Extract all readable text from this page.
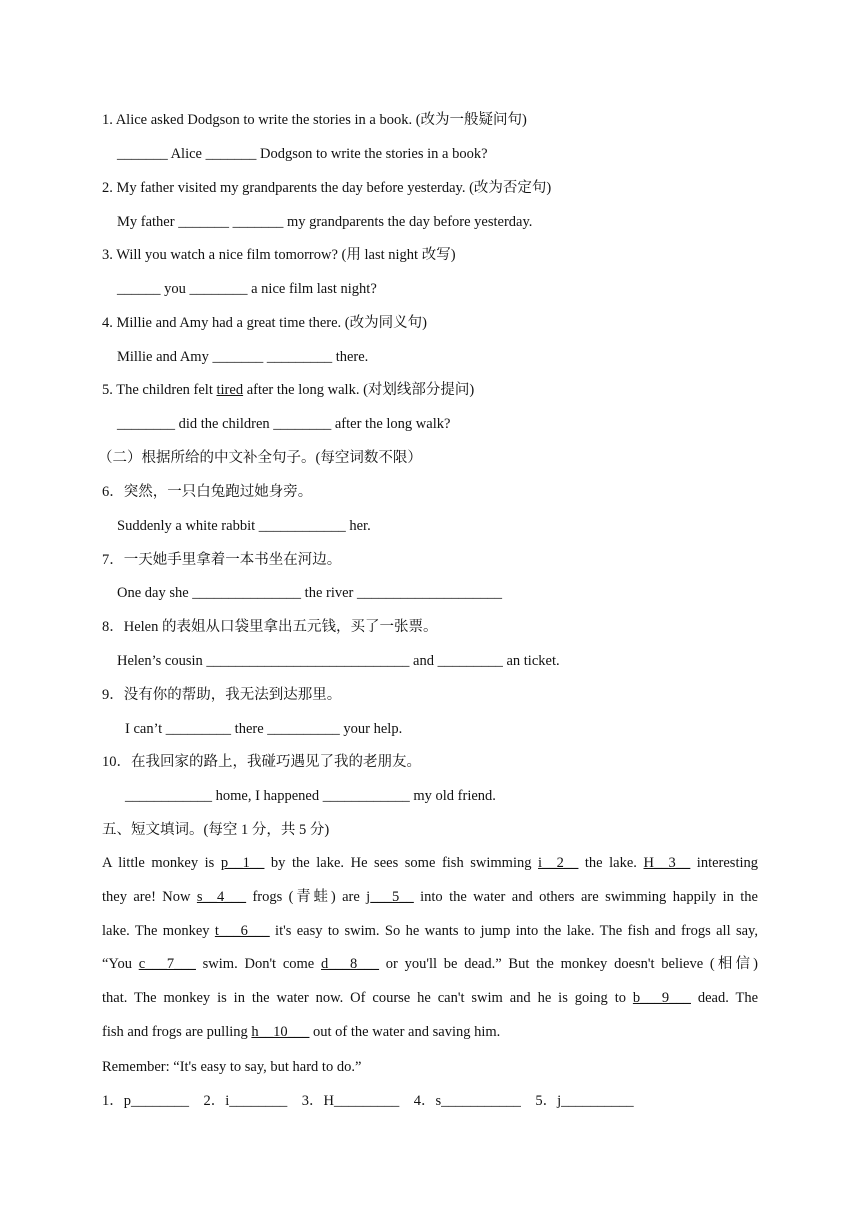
1. Alice asked Dodgson to write the stories in a book. (改为一般疑问句)
_______ Alice _______ Dodgson to write the stories in a book?
2. My father visited my grandparents the day before yesterday. (改为否定句)
My father _______ _______ my grandparents the day before yesterday.
3. Will you watch a nice film tomorrow? (用 last night 改写)
______ you ________ a nice film last night?
4. Millie and Amy had a great time there. (改为同义句)
Millie and Amy _______ _________ there.
5. The children felt tired after the long walk. (对划线部分提问)
________ did the children ________ after the long walk?
（二）根据所给的中文补全句子。(每空词数不限）
6．突然，一只白兔跑过她身旁。
Suddenly a white rabbit ____________ her.
7．一天她手里拿着一本书坐在河边。
One day she _______________ the river ____________________
8．Helen 的表姐从口袋里拿出五元钱，买了一张票。
Helen’s cousin ____________________________ and _________ an ticket.
9．没有你的帮助，我无法到达那里。
I can’t _________ there __________ your help.
10．在我回家的路上，我碰巧遇见了我的老朋友。
____________ home, I happened ____________ my old friend.
五、短文填词。(每空 1 分，共 5 分)
A little monkey is p__1__ by the lake. He sees some fish swimming i__2__ the lake. H__3__ interesting
they are! Now s__4___ frogs (青蛙) are j___5__ into the water and others are swimming happily in the
lake. The monkey t___6___ it's easy to swim. So he wants to jump into the lake. The fish and frogs all say,
“You c___7___ swim. Don't come d___8___ or you'll be dead.” But the monkey doesn't believe (相信)
that. The monkey is in the water now. Of course he can't swim and he is going to b___9___ dead. The
fish and frogs are pulling h__10___ out of the water and saving him.
Remember: “It's easy to say, but hard to do.”
1．p________    2．i________    3．H_________    4．s___________    5．j__________
